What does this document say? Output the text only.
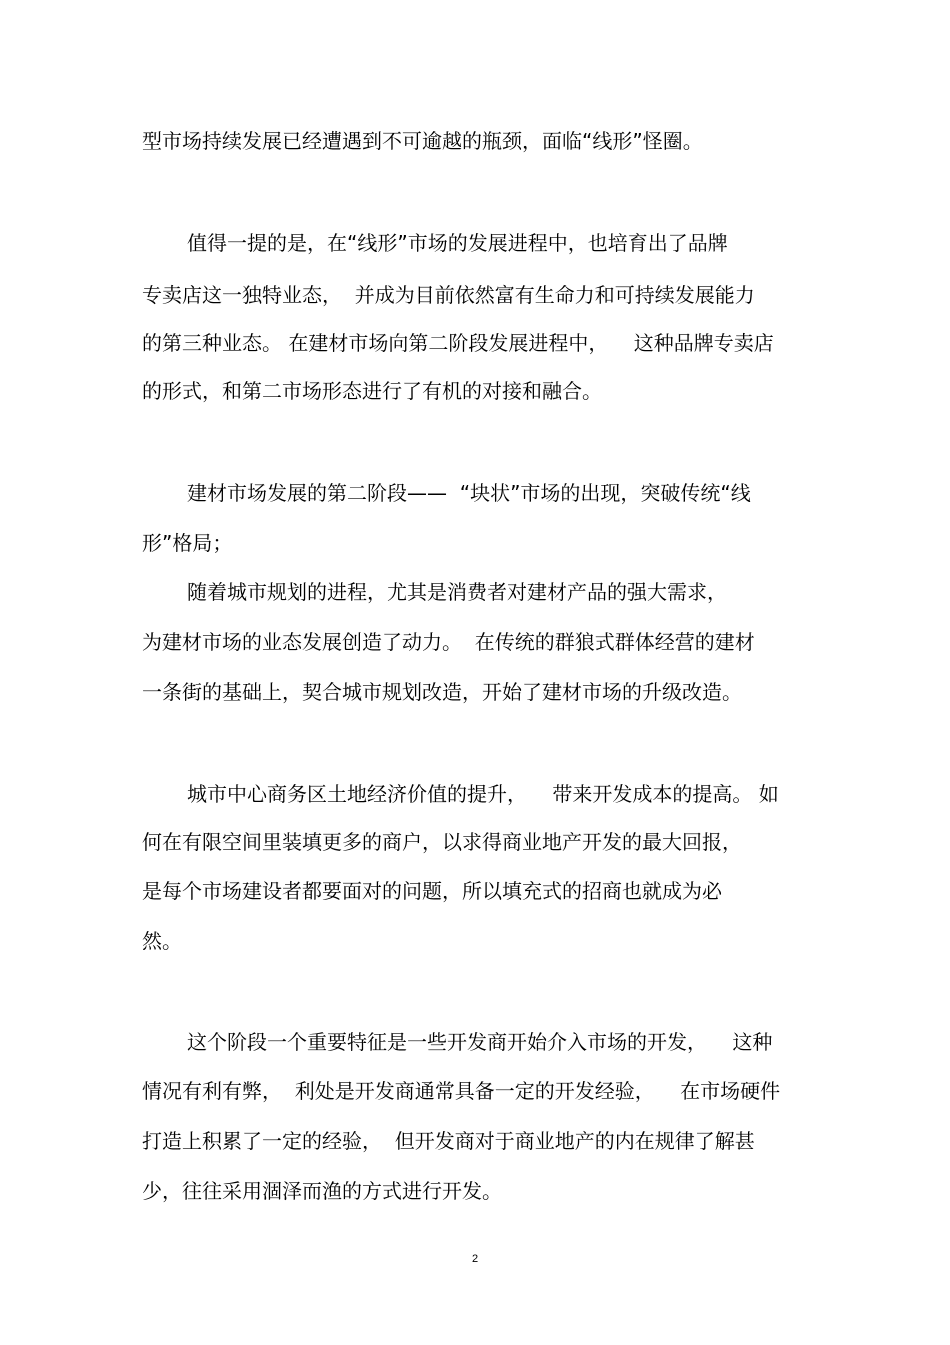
型市场持续发展已经遭遇到不可逾越的瓶颈，面临“线形”怪圈。
值得一提的是，在“线形”市场的发展进程中，也培育出了品牌
专卖店这一独特业态，  并成为目前依然富有生命力和可持续发展能力
的第三种业态。 在建材市场向第二阶段发展进程中，    这种品牌专卖店
的形式，和第二市场形态进行了有机的对接和融合。
建材市场发展的第二阶段——  “块状”市场的出现，突破传统“线
形”格局；
随着城市规划的进程，尤其是消费者对建材产品的强大需求，
为建材市场的业态发展创造了动力。  在传统的群狼式群体经营的建材
一条街的基础上，契合城市规划改造，开始了建材市场的升级改造。
城市中心商务区土地经济价值的提升，    带来开发成本的提高。 如
何在有限空间里装填更多的商户，以求得商业地产开发的最大回报，
是每个市场建设者都要面对的问题，所以填充式的招商也就成为必
然。
这个阶段一个重要特征是一些开发商开始介入市场的开发，    这种
情况有利有弊，  利处是开发商通常具备一定的开发经验，    在市场硬件
打造上积累了一定的经验，  但开发商对于商业地产的内在规律了解甚
少，往往采用涸泽而渔的方式进行开发。
2
